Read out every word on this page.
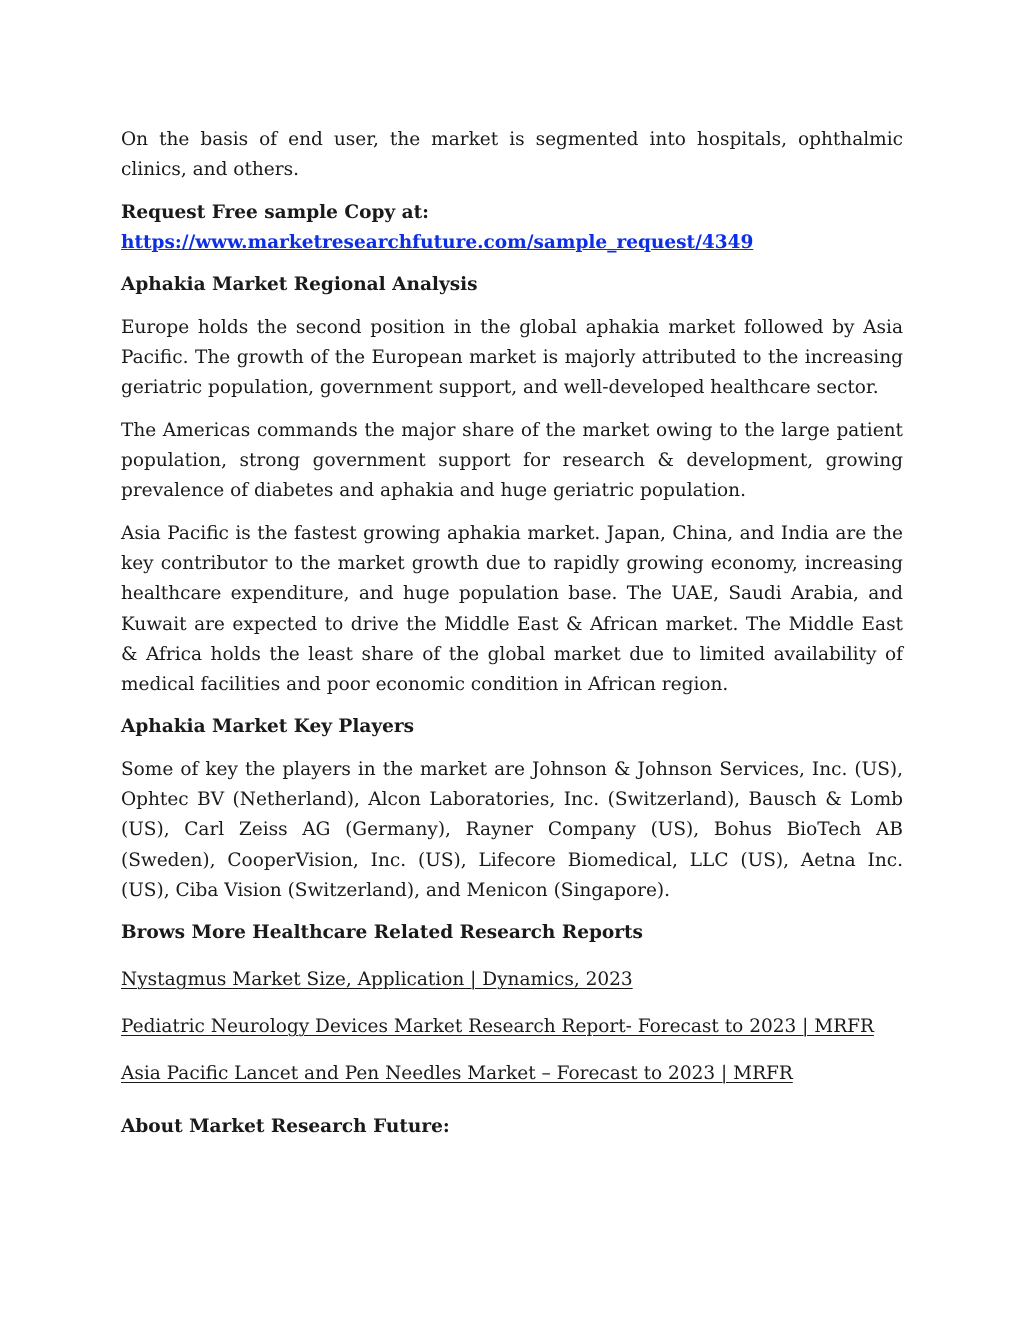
On the basis of end user, the market is segmented into hospitals, ophthalmic clinics, and others.

Request Free sample Copy at:

https://www.marketresearchfuture.com/sample_request/4349

Aphakia Market Regional Analysis

Europe holds the second position in the global aphakia market followed by Asia Pacific. The growth of the European market is majorly attributed to the increasing geriatric population, government support, and well-developed healthcare sector.

The Americas commands the major share of the market owing to the large patient population, strong government support for research & development, growing prevalence of diabetes and aphakia and huge geriatric population.

Asia Pacific is the fastest growing aphakia market. Japan, China, and India are the key contributor to the market growth due to rapidly growing economy, increasing healthcare expenditure, and huge population base. The UAE, Saudi Arabia, and Kuwait are expected to drive the Middle East & African market. The Middle East & Africa holds the least share of the global market due to limited availability of medical facilities and poor economic condition in African region.

Aphakia Market Key Players

Some of key the players in the market are Johnson & Johnson Services, Inc. (US), Ophtec BV (Netherland), Alcon Laboratories, Inc. (Switzerland), Bausch & Lomb (US), Carl Zeiss AG (Germany), Rayner Company (US), Bohus BioTech AB (Sweden), CooperVision, Inc. (US), Lifecore Biomedical, LLC (US), Aetna Inc. (US), Ciba Vision (Switzerland), and Menicon (Singapore).

Brows More Healthcare Related Research Reports

Nystagmus Market Size, Application | Dynamics, 2023
Pediatric Neurology Devices Market Research Report- Forecast to 2023 | MRFR
Asia Pacific Lancet and Pen Needles Market – Forecast to 2023 | MRFR

About Market Research Future:
